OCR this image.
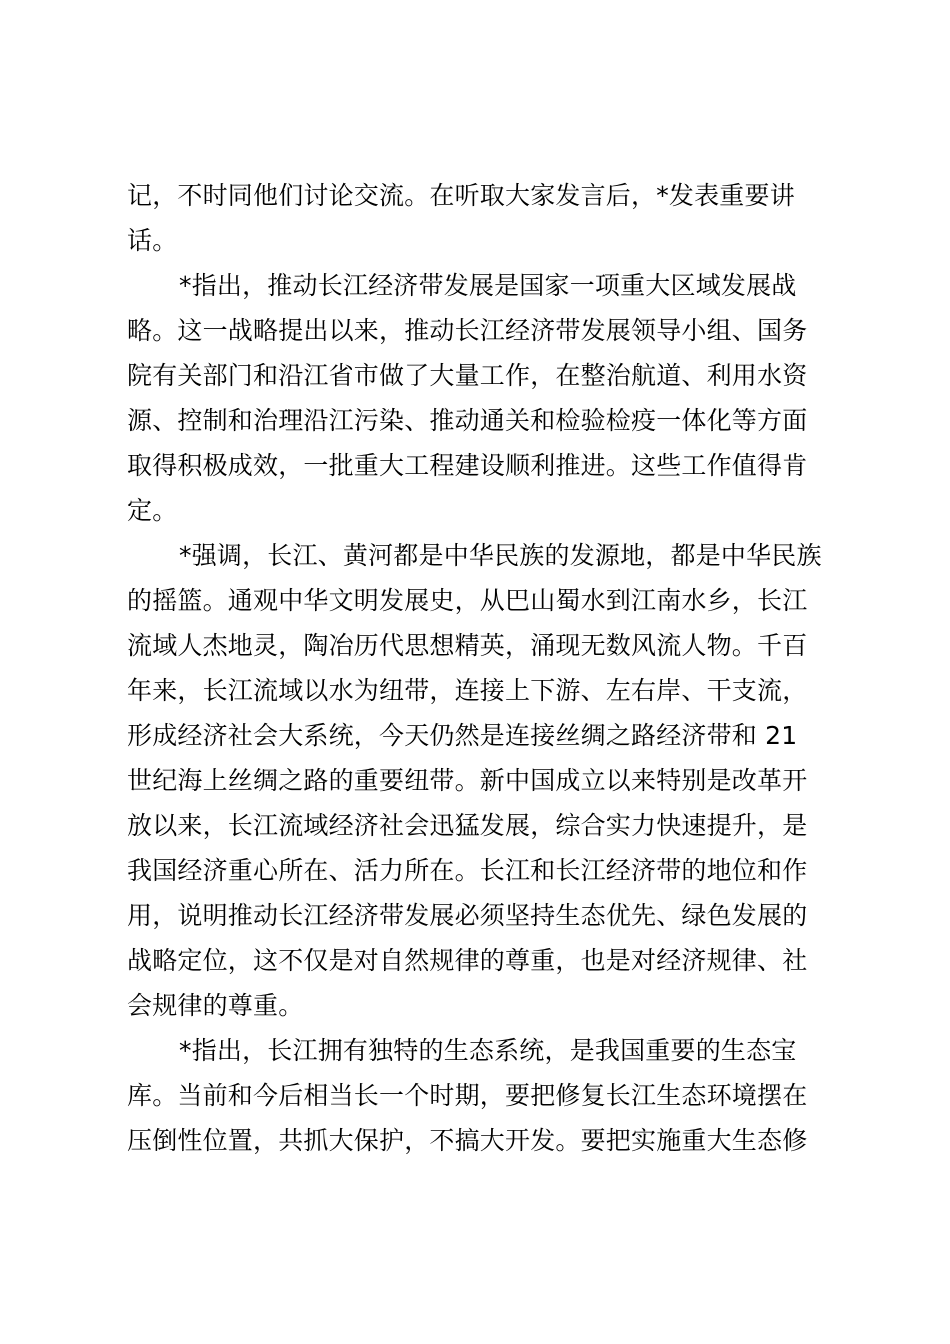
记，不时同他们讨论交流。在听取大家发言后，*发表重要讲
话。

*指出，推动长江经济带发展是国家一项重大区域发展战
略。这一战略提出以来，推动长江经济带发展领导小组、国务
院有关部门和沿江省市做了大量工作，在整治航道、利用水资
源、控制和治理沿江污染、推动通关和检验检疫一体化等方面
取得积极成效，一批重大工程建设顺利推进。这些工作值得肯
定。

*强调，长江、黄河都是中华民族的发源地，都是中华民族
的摇篮。通观中华文明发展史，从巴山蜀水到江南水乡，长江
流域人杰地灵，陶冶历代思想精英，涌现无数风流人物。千百
年来，长江流域以水为纽带，连接上下游、左右岸、干支流，
形成经济社会大系统，今天仍然是连接丝绸之路经济带和 21
世纪海上丝绸之路的重要纽带。新中国成立以来特别是改革开
放以来，长江流域经济社会迅猛发展，综合实力快速提升，是
我国经济重心所在、活力所在。长江和长江经济带的地位和作
用，说明推动长江经济带发展必须坚持生态优先、绿色发展的
战略定位，这不仅是对自然规律的尊重，也是对经济规律、社
会规律的尊重。

*指出，长江拥有独特的生态系统，是我国重要的生态宝
库。当前和今后相当长一个时期，要把修复长江生态环境摆在
压倒性位置，共抓大保护，不搞大开发。要把实施重大生态修
